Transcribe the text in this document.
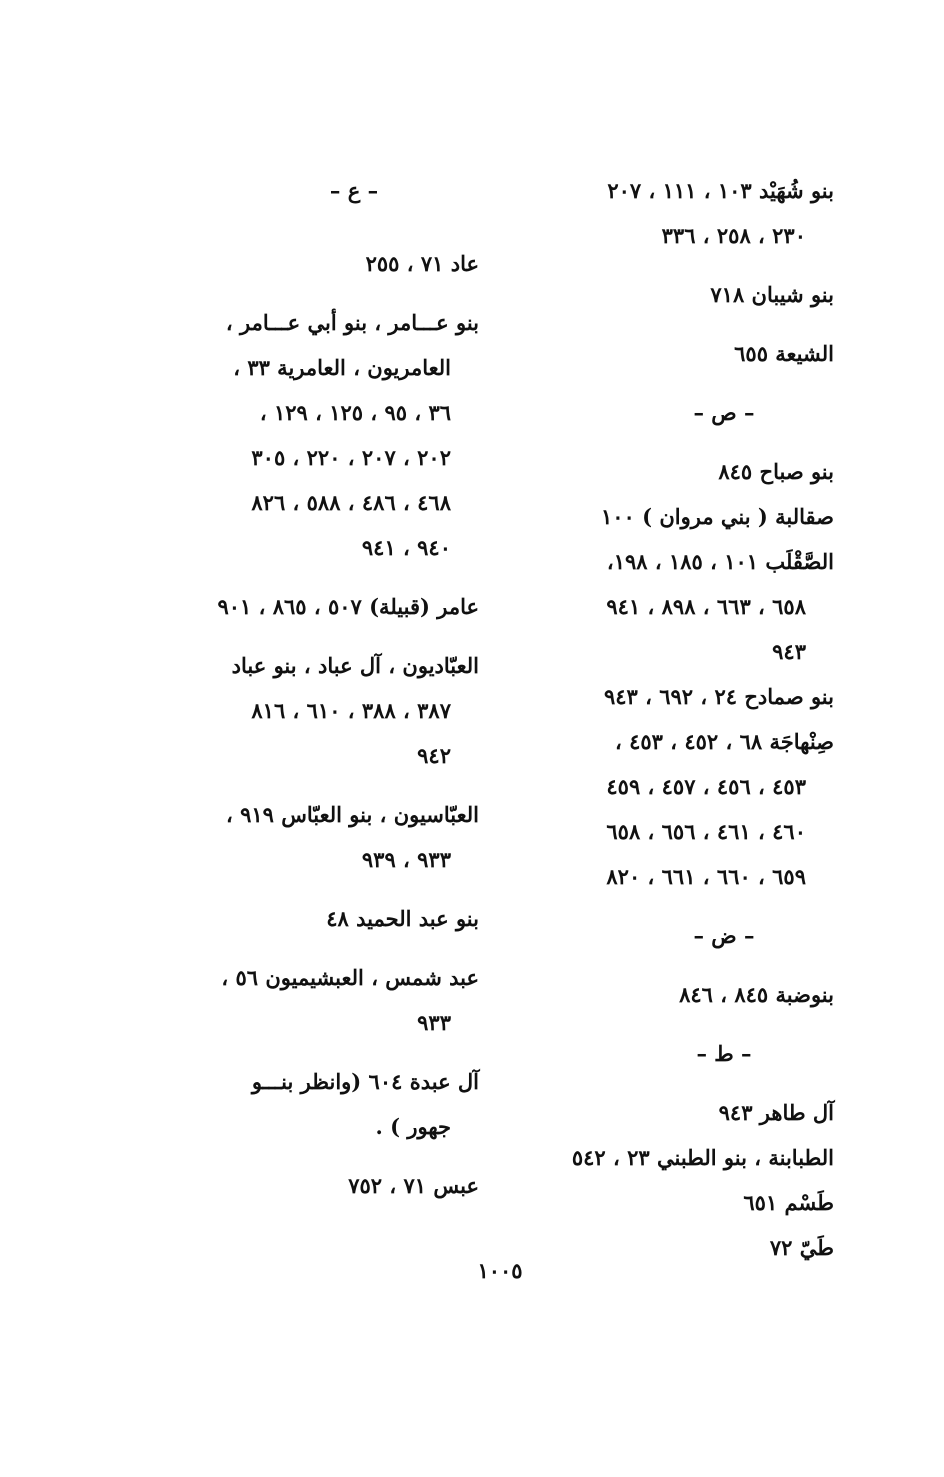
بنو شُهَيْد ١٠٣ ، ١١١ ، ٢٠٧
٢٣٠ ، ٢٥٨ ، ٣٣٦
بنو شيبان ٧١٨
الشيعة ٦٥٥
– ص –
بنو صباح ٨٤٥
صقالبة ( بني مروان ) ١٠٠
الصَّقْلَب ١٠١ ، ١٨٥ ، ١٩٨،
٦٥٨ ، ٦٦٣ ، ٨٩٨ ، ٩٤١
٩٤٣
بنو صمادح ٢٤ ، ٦٩٢ ، ٩٤٣
صِنْهاجَة ٦٨ ، ٤٥٢ ، ٤٥٣ ،
٤٥٣ ، ٤٥٦ ، ٤٥٧ ، ٤٥٩
٤٦٠ ، ٤٦١ ، ٦٥٦ ، ٦٥٨
٦٥٩ ، ٦٦٠ ، ٦٦١ ، ٨٢٠
– ض –
بنوضبة ٨٤٥ ، ٨٤٦
– ط –
آل طاهر ٩٤٣
الطبابنة ، بنو الطبني ٢٣ ، ٥٤٢
طَسْم ٦٥١
طَيّ ٧٢
– ع –
عاد ٧١ ، ٢٥٥
بنو عـــامر ، بنو أبي عـــامر ،
العامريون ، العامرية ٣٣ ،
٣٦ ، ٩٥ ، ١٢٥ ، ١٢٩ ،
٢٠٢ ، ٢٠٧ ، ٢٢٠ ، ٣٠٥
٤٦٨ ، ٤٨٦ ، ٥٨٨ ، ٨٢٦
٩٤٠ ، ٩٤١
عامر (قبيلة) ٥٠٧ ، ٨٦٥ ، ٩٠١
العبّاديون ، آل عباد ، بنو عباد
٣٨٧ ، ٣٨٨ ، ٦١٠ ، ٨١٦
٩٤٢
العبّاسيون ، بنو العبّاس ٩١٩ ،
٩٣٣ ، ٩٣٩
بنو عبد الحميد ٤٨
عبد شمس ، العبشيميون ٥٦ ،
٩٣٣
آل عبدة ٦٠٤ (وانظر بنـــو
جهور ) .
عبس ٧١ ، ٧٥٢
١٠٠٥
